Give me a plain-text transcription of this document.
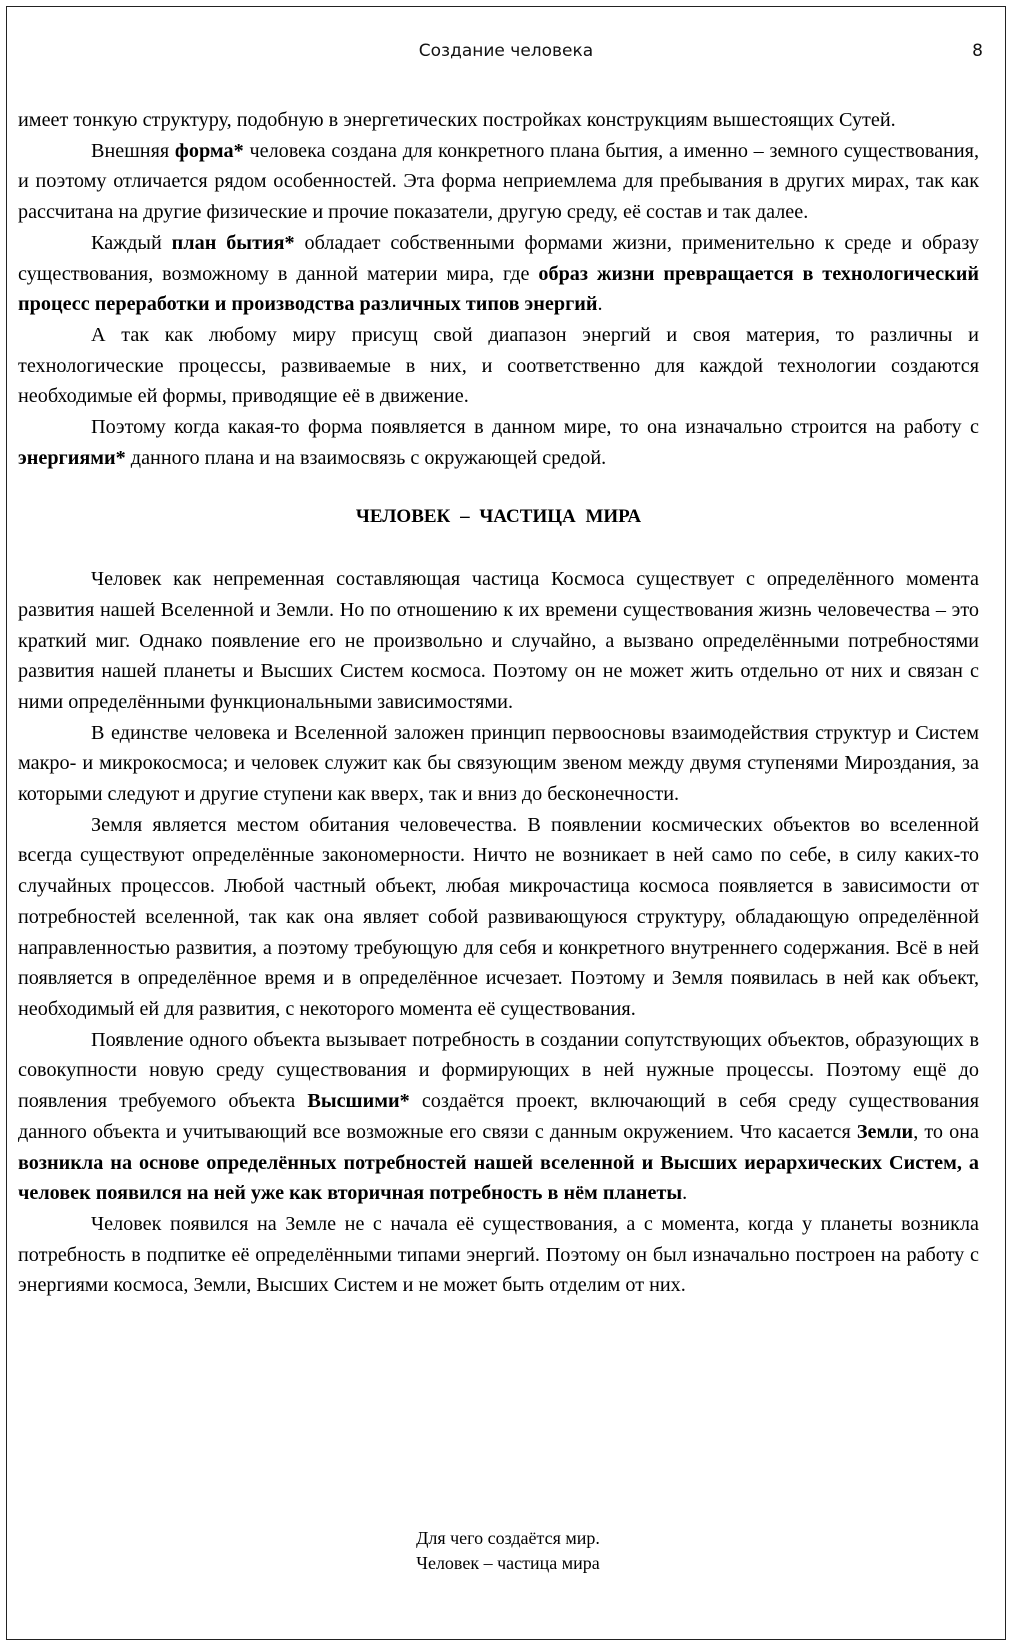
Создание человека	8

имеет тонкую структуру, подобную в энергетических постройках конструкциям вышестоящих Сутей.

Внешняя форма* человека создана для конкретного плана бытия, а именно – земного существования, и поэтому отличается рядом особенностей. Эта форма неприемлема для пребывания в других мирах, так как рассчитана на другие физические и прочие показатели, другую среду, её состав и так далее.

Каждый план бытия* обладает собственными формами жизни, применительно к среде и образу существования, возможному в данной материи мира, где образ жизни превращается в технологический процесс переработки и производства различных типов энергий.

А так как любому миру присущ свой диапазон энергий и своя материя, то различны и технологические процессы, развиваемые в них, и соответственно для каждой технологии создаются необходимые ей формы, приводящие её в движение.

Поэтому когда какая-то форма появляется в данном мире, то она изначально строится на работу с энергиями* данного плана и на взаимосвязь с окружающей средой.

ЧЕЛОВЕК – ЧАСТИЦА МИРА

Человек как непременная составляющая частица Космоса существует с определённого момента развития нашей Вселенной и Земли. Но по отношению к их времени существования жизнь человечества – это краткий миг. Однако появление его не произвольно и случайно, а вызвано определёнными потребностями развития нашей планеты и Высших Систем космоса. Поэтому он не может жить отдельно от них и связан с ними определёнными функциональными зависимостями.

В единстве человека и Вселенной заложен принцип первоосновы взаимодействия структур и Систем макро- и микрокосмоса; и человек служит как бы связующим звеном между двумя ступенями Мироздания, за которыми следуют и другие ступени как вверх, так и вниз до бесконечности.

Земля является местом обитания человечества. В появлении космических объектов во вселенной всегда существуют определённые закономерности. Ничто не возникает в ней само по себе, в силу каких-то случайных процессов. Любой частный объект, любая микрочастица космоса появляется в зависимости от потребностей вселенной, так как она являет собой развивающуюся структуру, обладающую определённой направленностью развития, а поэтому требующую для себя и конкретного внутреннего содержания. Всё в ней появляется в определённое время и в определённое исчезает. Поэтому и Земля появилась в ней как объект, необходимый ей для развития, с некоторого момента её существования.

Появление одного объекта вызывает потребность в создании сопутствующих объектов, образующих в совокупности новую среду существования и формирующих в ней нужные процессы. Поэтому ещё до появления требуемого объекта Высшими* создаётся проект, включающий в себя среду существования данного объекта и учитывающий все возможные его связи с данным окружением. Что касается Земли, то она возникла на основе определённых потребностей нашей вселенной и Высших иерархических Систем, а человек появился на ней уже как вторичная потребность в нём планеты.

Человек появился на Земле не с начала её существования, а с момента, когда у планеты возникла потребность в подпитке её определёнными типами энергий. Поэтому он был изначально построен на работу с энергиями космоса, Земли, Высших Систем и не может быть отделим от них.

Для чего создаётся мир.
Человек – частица мира
